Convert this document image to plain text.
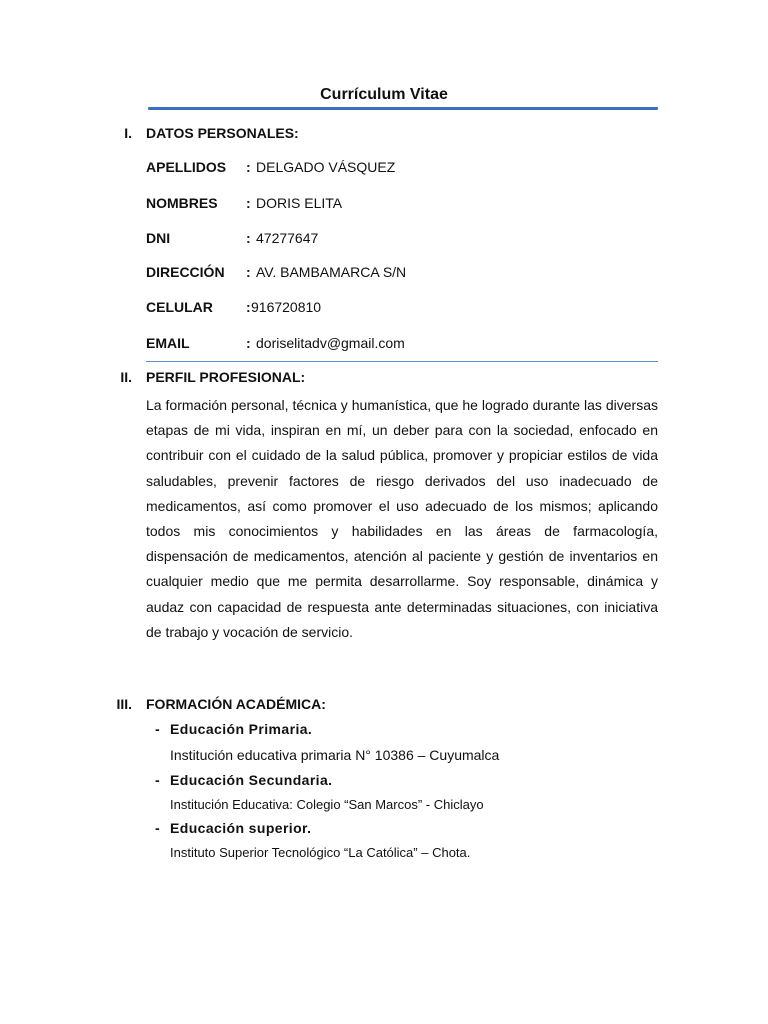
Currículum Vitae
I. DATOS PERSONALES:
APELLIDOS : DELGADO VÁSQUEZ
NOMBRES : DORIS ELITA
DNI	: 47277647
DIRECCIÓN : AV. BAMBAMARCA S/N
CELULAR : 916720810
EMAIL	: doriselitadv@gmail.com
II. PERFIL PROFESIONAL:

La formación personal, técnica y humanística, que he logrado durante las diversas etapas de mi vida, inspiran en mí, un deber para con la sociedad, enfocado en contribuir con el cuidado de la salud pública, promover y propiciar estilos de vida saludables, prevenir factores de riesgo derivados del uso inadecuado de medicamentos, así como promover el uso adecuado de los mismos; aplicando todos mis conocimientos y habilidades en las áreas de farmacología, dispensación de medicamentos, atención al paciente y gestión de inventarios en cualquier medio que me permita desarrollarme. Soy responsable, dinámica y audaz con capacidad de respuesta ante determinadas situaciones, con iniciativa de trabajo y vocación de servicio.

III. FORMACIÓN ACADÉMICA:
- Educación Primaria.
Institución educativa primaria N° 10386 – Cuyumalca
- Educación Secundaria.
Institución Educativa: Colegio “San Marcos” - Chiclayo
- Educación superior.
Instituto Superior Tecnológico “La Católica” – Chota.
